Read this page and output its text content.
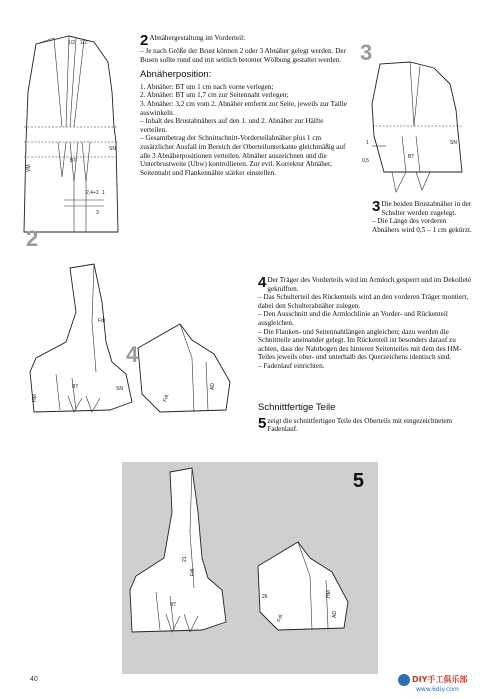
1/2 1/2
VM
SN
BT
2,4+1 1
3
2

2 Abnähergestaltung im Vorderteil:

– Je nach Größe der Brust können 2 oder 3 Abnäher gelegt werden. Der Busen sollte rund und mit seitlich betonter Wölbung gestaltet werden.

Abnäherposition:

1. Abnäher: BT um 1 cm nach vorne verlegen;

2. Abnäher: BT um 1,7 cm zur Seitennaht verlegen;

3. Abnäher: 3,2 cm vom 2. Abnäher entfernt zur Seite, jeweils zur Taille auswinkeln.

– Inhalt des Brustabnähers auf den 1. und 2. Abnäher zur Hälfte verteilen.

– Gesamtbetrag der Schnittschnitt-Vorderteilabnäher plus 1 cm zusätzlicher Ausfall im Bereich der Oberteilunterkante gleichmäßig auf alle 3 Abnäherpositionen verteilen. Abnäher auszeichnen und die Unterbrustweite (Ubw) kontrollieren. Zur evtl. Korrektur Abnäher, Seitennaht und Flankennähte stärker einstellen.

3
0,5
1
BT
SN

3 Die beiden Brustabnäher in der Schulter werden zugelegt.

– Die Länge des vorderen Abnähers wird 0,5 – 1 cm gekürzt.

Fdl.
HM
BT	SN
Fdl.
AD
4

4 Der Träger des Vorderteils wird im Armloch gesperrt und im Dekolleté geknifften.

– Das Schulterteil des Rückenteils wird an den vorderen Träger montiert, dabei den Schulterabnäher zulegen.

– Den Ausschnitt und die Armlochlinie an Vorder- und Rückenteil ausgleichen.

– Die Flanken- und Seitennahtlängen angleichen; dazu werden die Schnittteile aneinander gelegt. Im Rückenteil ist besonders darauf zu achten, dass der Nahtbogen des hinteren Seitenteiles mit dem des HM-Teiles jeweils ober- und unterhalb des Querzeichens identisch sind.

– Fadenlauf einrichten.

Schnittfertige Teile

5 zeigt die schnittfertigen Teile des Oberteils mit eingezeichnetem Fadenlauf.

5
21
BT
26
Fdl.
HM
Fdl.
AD
40	DIY手工俱乐部
www.6diy.com
